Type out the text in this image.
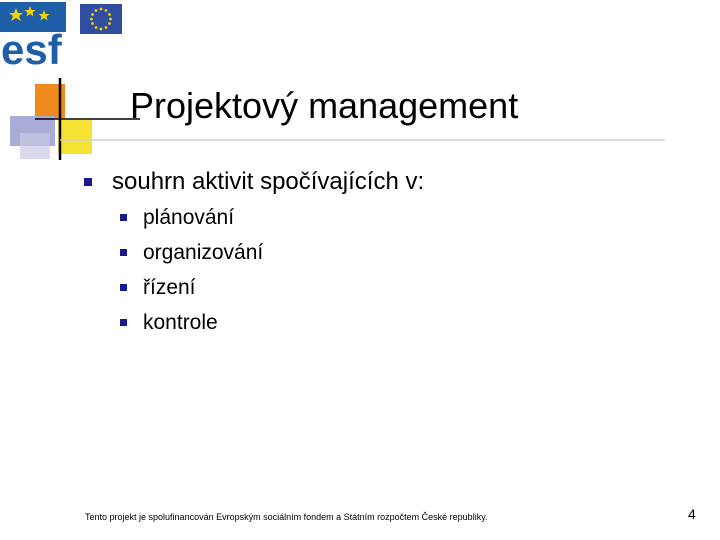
esf
Projektový management
souhrn aktivit spočívajících v:
plánování
organizování
řízení
kontrole
Tento projekt je spolufinancován Evropským sociálním fondem a Státním rozpočtem České republiky.	4
